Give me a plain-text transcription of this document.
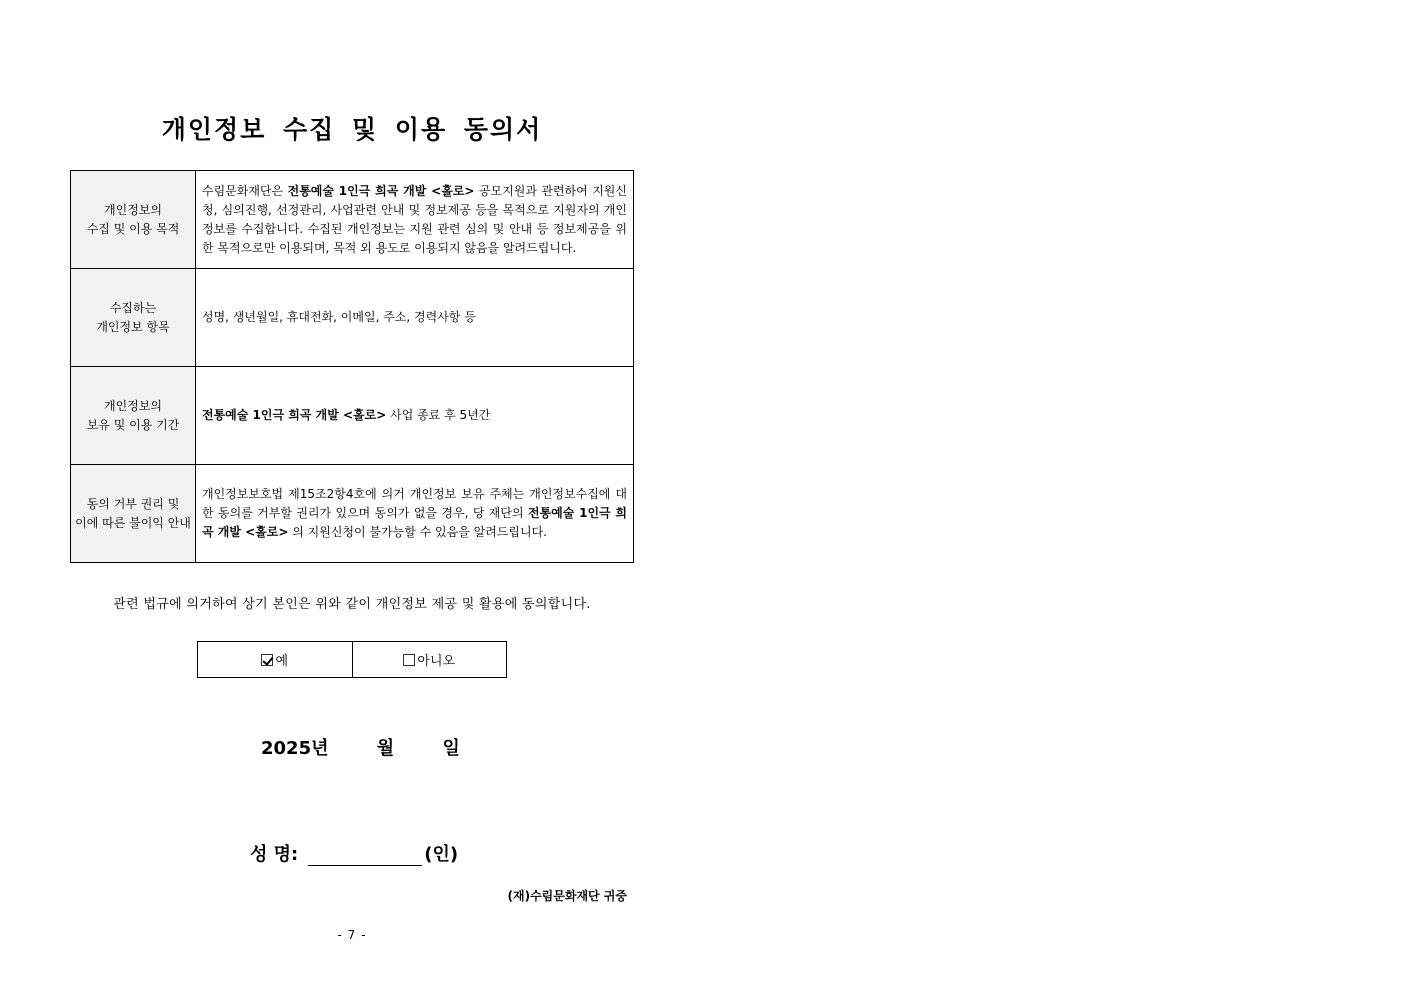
개인정보 수집 및 이용 동의서
개인정보의
수집 및 이용 목적	수림문화재단은 전통예술 1인극 희곡 개발 <홀로> 공모지원과 관련하여 지원신청, 심의진행, 선정관리, 사업관련 안내 및 정보제공 등을 목적으로 지원자의 개인정보를 수집합니다. 수집된 개인정보는 지원 관련 심의 및 안내 등 정보제공을 위한 목적으로만 이용되며, 목적 외 용도로 이용되지 않음을 알려드립니다.

수집하는
개인정보 항목	성명, 생년월일, 휴대전화, 이메일, 주소, 경력사항 등

개인정보의
보유 및 이용 기간	전통예술 1인극 희곡 개발 <홀로> 사업 종료 후 5년간

동의 거부 권리 및
이에 따른 불이익 안내	개인정보보호법 제15조2항4호에 의거 개인정보 보유 주체는 개인정보수집에 대한 동의를 거부할 권리가 있으며 동의가 없을 경우, 당 재단의 전통예술 1인극 희곡 개발 <홀로> 의 지원신청이 불가능할 수 있음을 알려드립니다.
관련 법규에 의거하여 상기 본인은 위와 같이 개인정보 제공 및 활용에 동의합니다.
예	아니오
2025년	월	일
성 명:	(인)
(재)수림문화재단 귀중
- 7 -
